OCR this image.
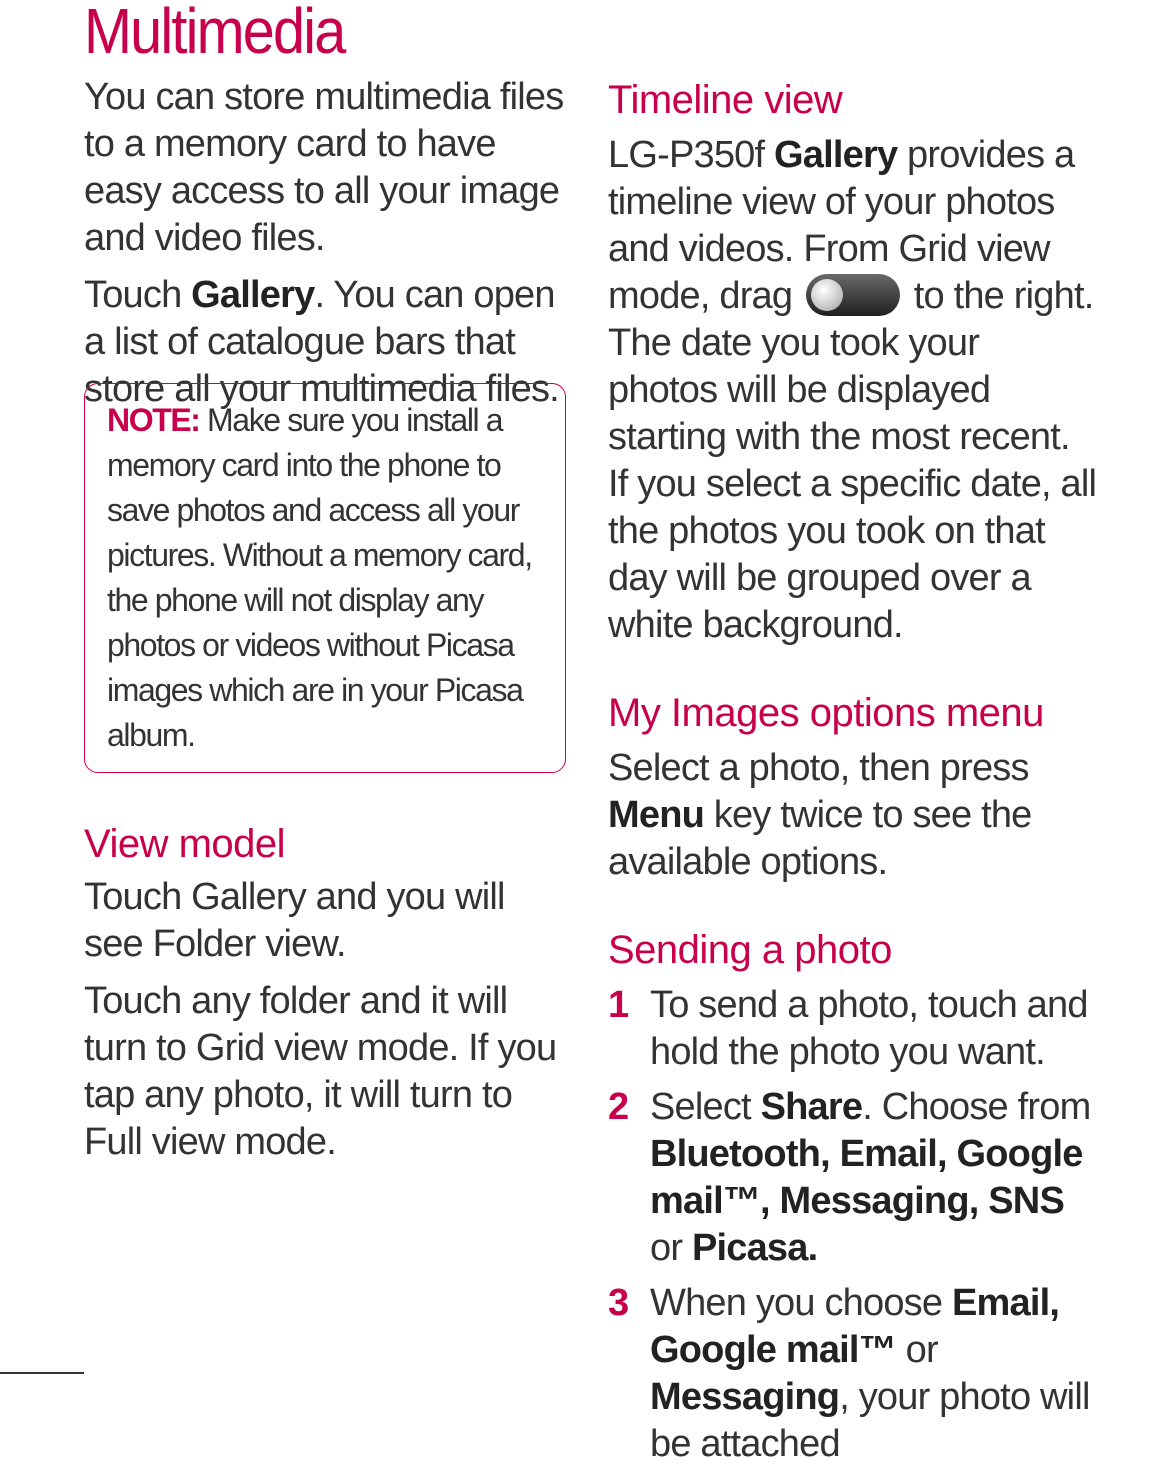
Multimedia

You can store multimedia files to a memory card to have easy access to all your image and video files.

Touch Gallery. You can open a list of catalogue bars that store all your multimedia files.

NOTE: Make sure you install a memory card into the phone to save photos and access all your pictures. Without a memory card, the phone will not display any photos or videos without Picasa images which are in your Picasa album.

View model

Touch Gallery and you will see Folder view.

Touch any folder and it will turn to Grid view mode. If you tap any photo, it will turn to Full view mode.

Timeline view

LG-P350f Gallery provides a timeline view of your photos and videos. From Grid view mode, drag	to the right. The date you took your photos will be displayed starting with the most recent. If you select a specific date, all the photos you took on that day will be grouped over a white background.

My Images options menu

Select a photo, then press Menu key twice to see the available options.

Sending a photo
1 To send a photo, touch and hold the photo you want.

2 Select Share. Choose from Bluetooth, Email, Google mail™, Messaging, SNS or Picasa.

3 When you choose Email, Google mail™ or Messaging, your photo will be attached
